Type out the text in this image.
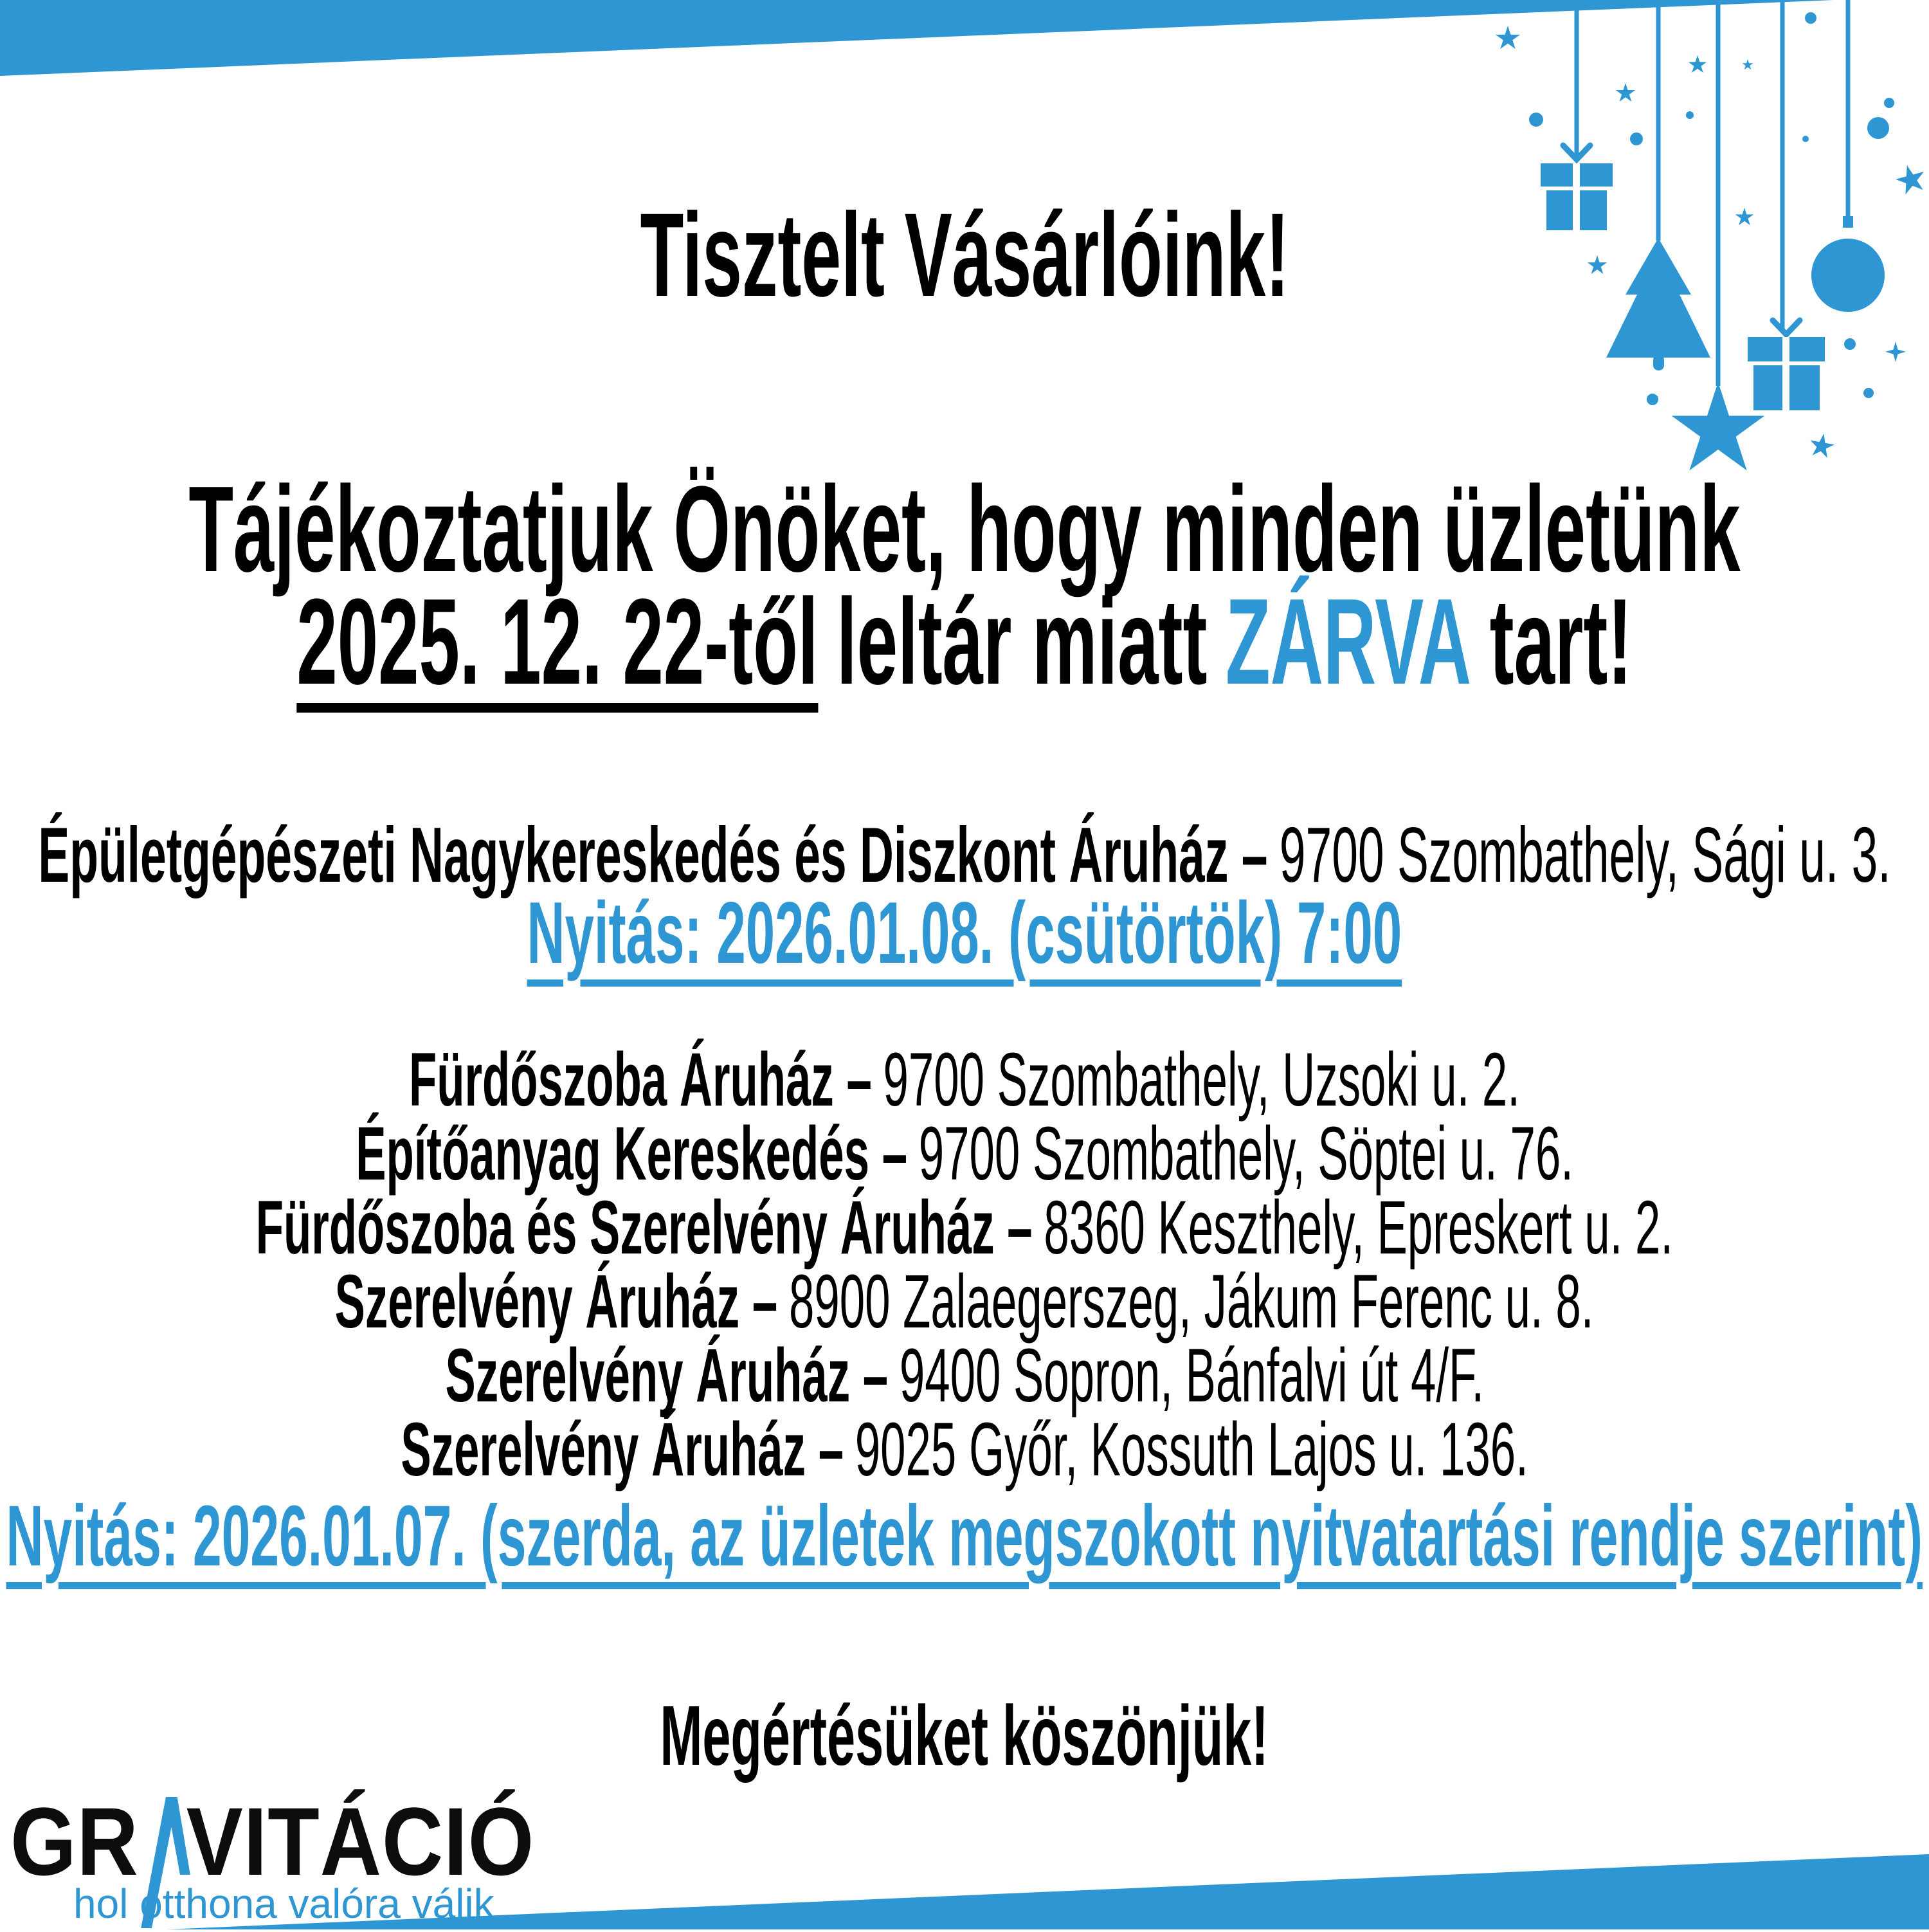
Tisztelt Vásárlóink!
Tájékoztatjuk Önöket, hogy minden üzletünk
2025. 12. 22-től leltár miatt ZÁRVA tart!
Épületgépészeti Nagykereskedés és Diszkont Áruház – 9700 Szombathely, Sági u. 3.
Nyitás: 2026.01.08. (csütörtök) 7:00
Fürdőszoba Áruház – 9700 Szombathely, Uzsoki u. 2.
Építőanyag Kereskedés – 9700 Szombathely, Söptei u. 76.
Fürdőszoba és Szerelvény Áruház – 8360 Keszthely, Epreskert u. 2.
Szerelvény Áruház – 8900 Zalaegerszeg, Jákum Ferenc u. 8.
Szerelvény Áruház – 9400 Sopron, Bánfalvi út 4/F.
Szerelvény Áruház – 9025 Győr, Kossuth Lajos u. 136.
Nyitás: 2026.01.07. (szerda, az üzletek megszokott nyitvatartási rendje szerint)
Megértésüket köszönjük!
GR VITÁCIÓ
hol otthona valóra válik
